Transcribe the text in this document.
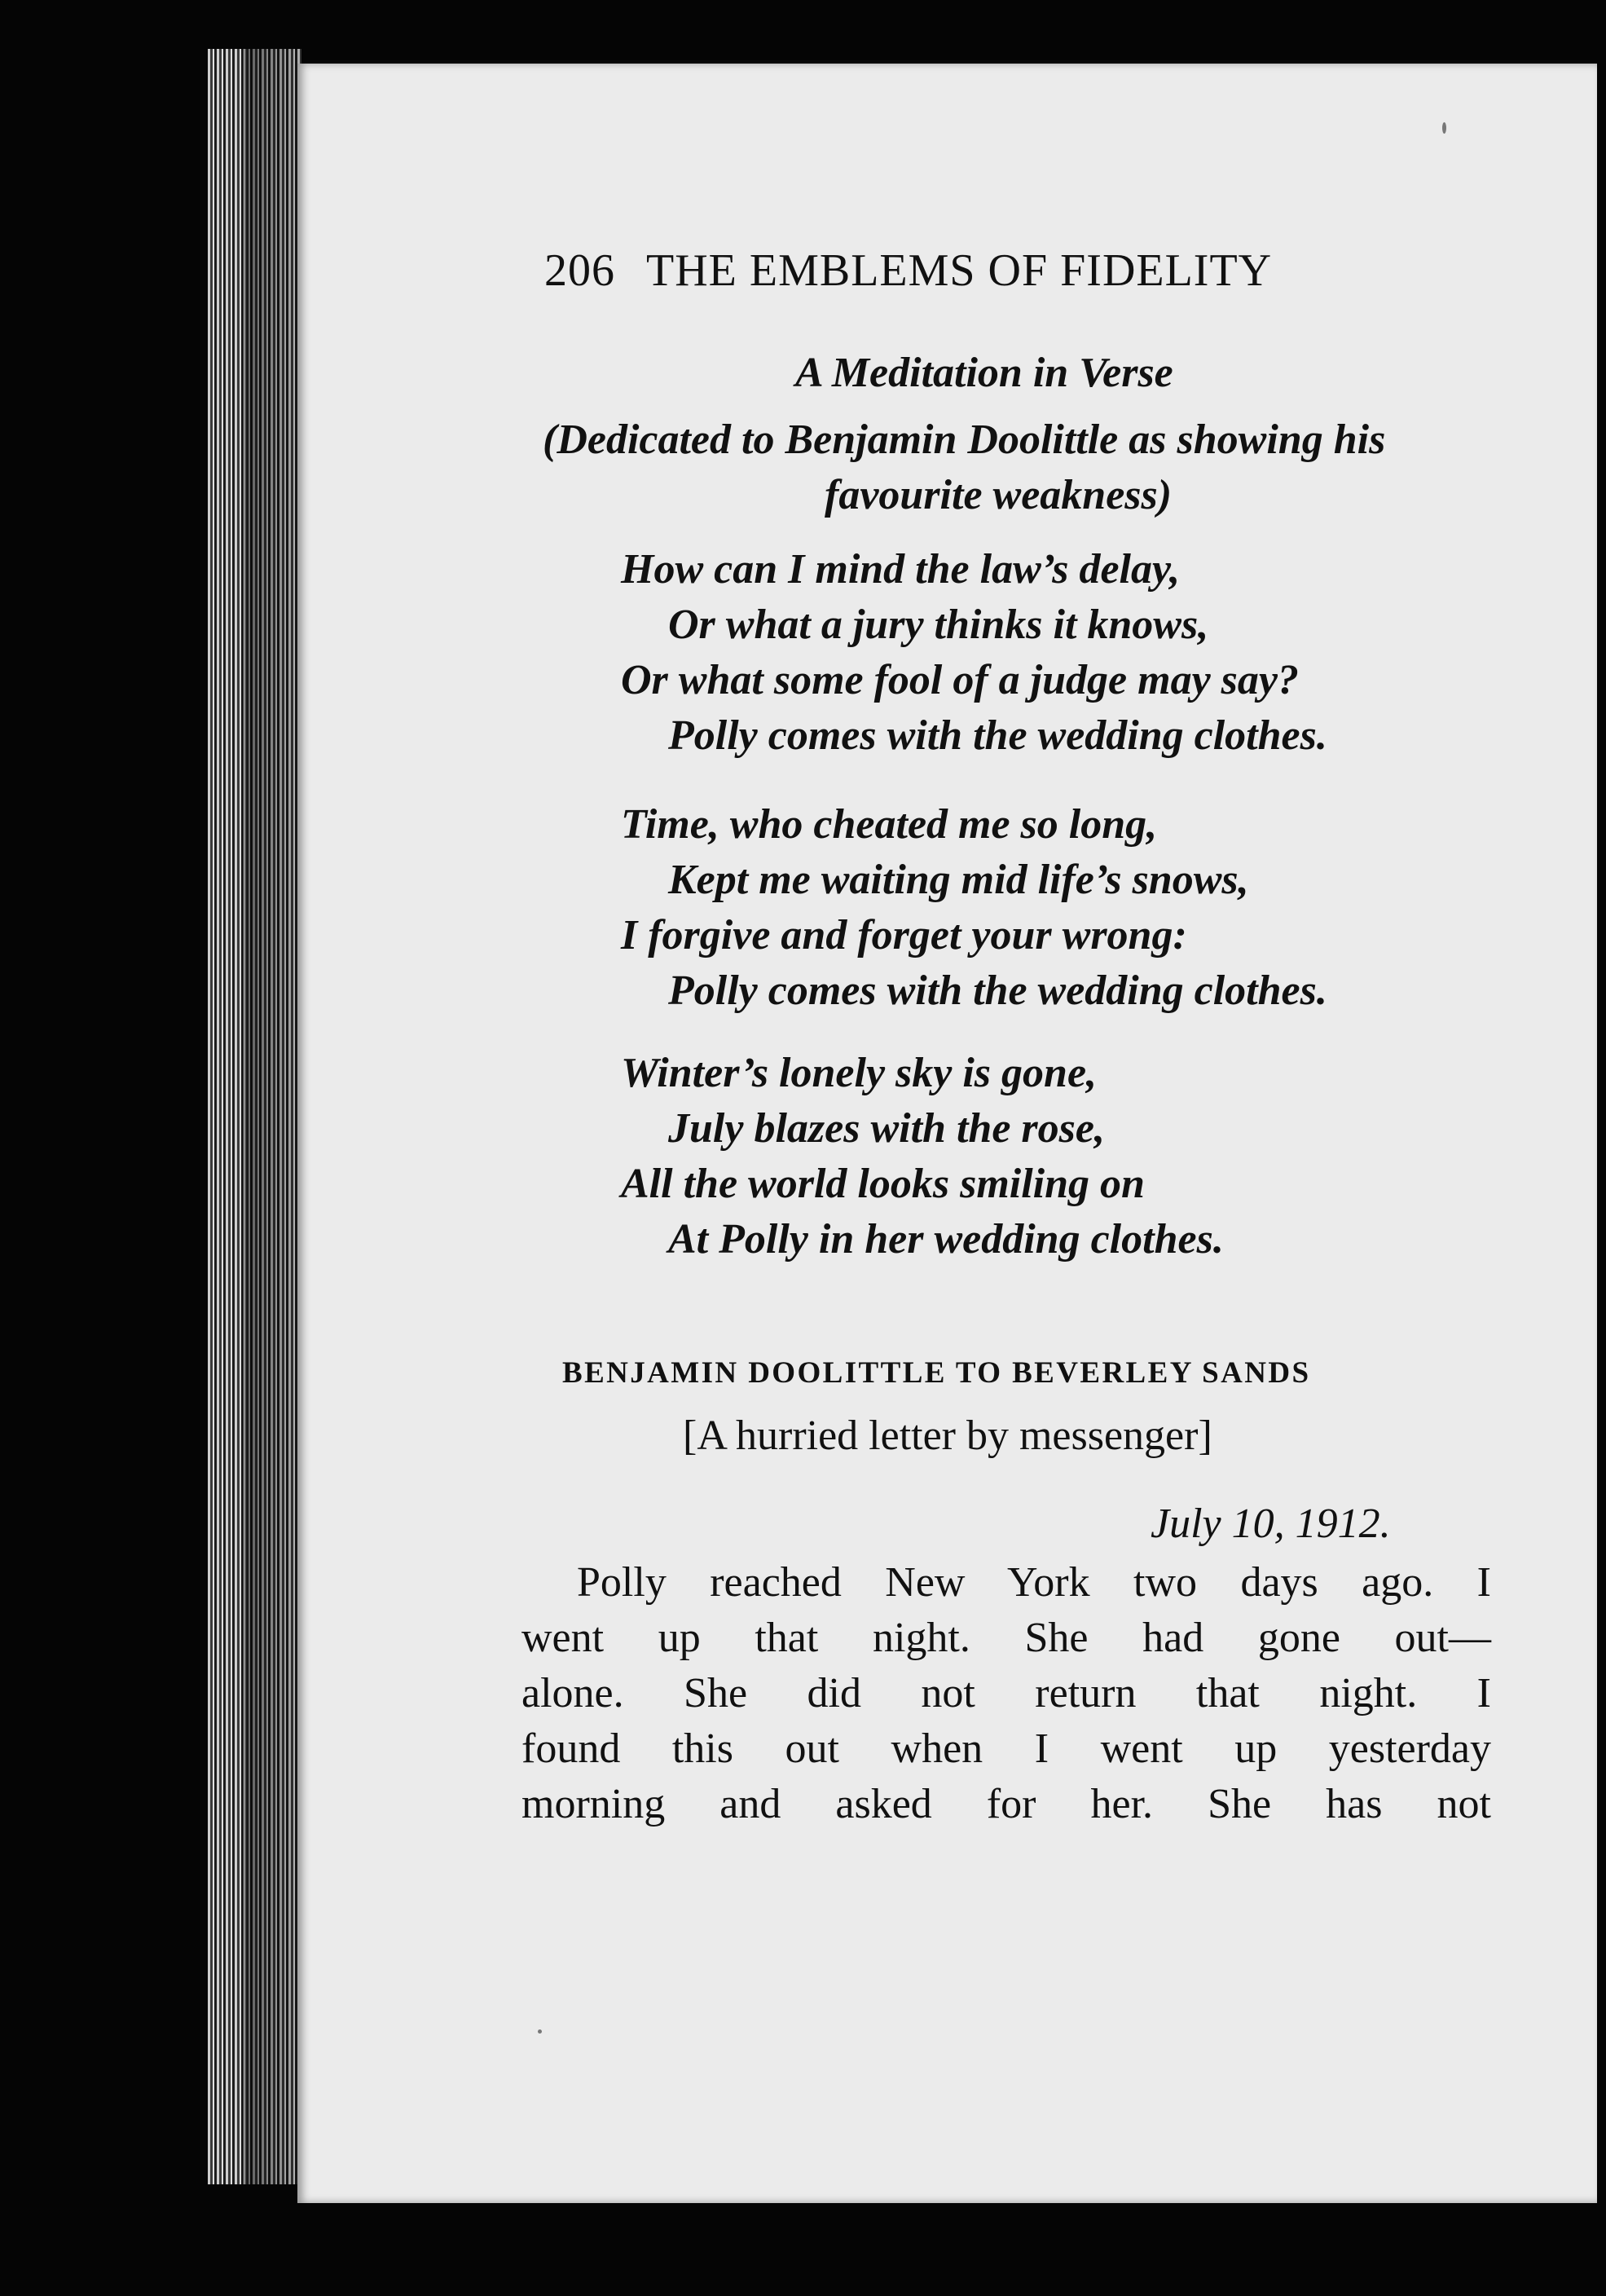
206 THE EMBLEMS OF FIDELITY
A Meditation in Verse
(Dedicated to Benjamin Doolittle as showing his
favourite weakness)
How can I mind the law’s delay,
Or what a jury thinks it knows,
Or what some fool of a judge may say?
Polly comes with the wedding clothes.
Time, who cheated me so long,
Kept me waiting mid life’s snows,
I forgive and forget your wrong:
Polly comes with the wedding clothes.
Winter’s lonely sky is gone,
July blazes with the rose,
All the world looks smiling on
At Polly in her wedding clothes.
BENJAMIN DOOLITTLE TO BEVERLEY SANDS
[A hurried letter by messenger]
July 10, 1912.
Polly reached New York two days ago. I
went up that night. She had gone out—
alone. She did not return that night. I
found this out when I went up yesterday
morning and asked for her. She has not
